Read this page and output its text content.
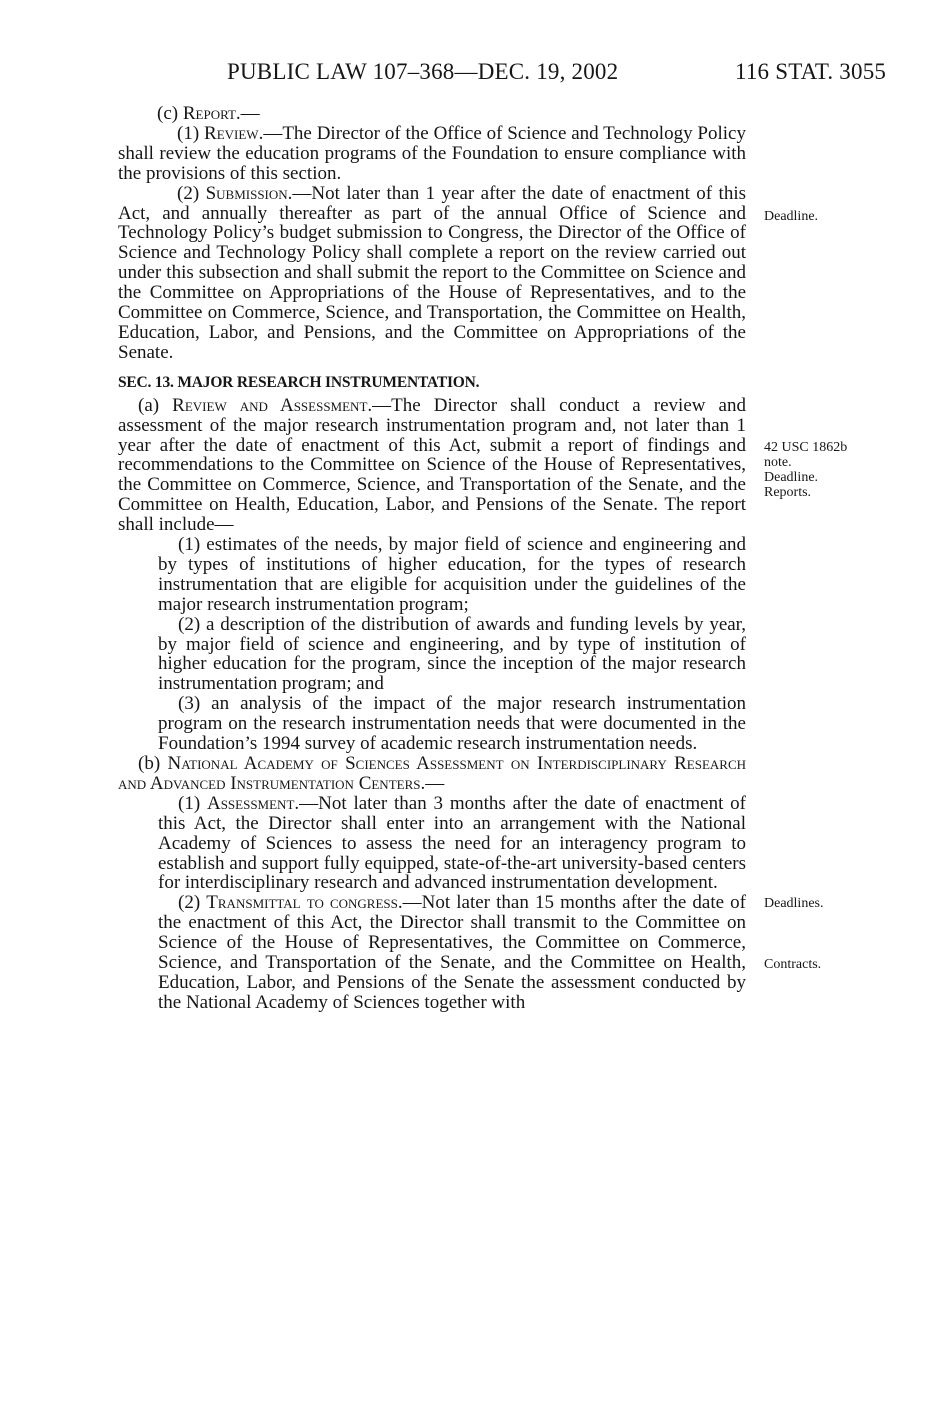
PUBLIC LAW 107–368—DEC. 19, 2002	116 STAT. 3055

(c) Report.—

(1) Review.—The Director of the Office of Science and Technology Policy shall review the education programs of the Foundation to ensure compliance with the provisions of this section.

(2) Submission.—Not later than 1 year after the date of enactment of this Act, and annually thereafter as part of the annual Office of Science and Technology Policy’s budget submission to Congress, the Director of the Office of Science and Technology Policy shall complete a report on the review carried out under this subsection and shall submit the report to the Committee on Science and the Committee on Appropriations of the House of Representatives, and to the Committee on Commerce, Science, and Transportation, the Committee on Health, Education, Labor, and Pensions, and the Committee on Appropriations of the Senate.

SEC. 13. MAJOR RESEARCH INSTRUMENTATION.

(a) Review and Assessment.—The Director shall conduct a review and assessment of the major research instrumentation program and, not later than 1 year after the date of enactment of this Act, submit a report of findings and recommendations to the Committee on Science of the House of Representatives, the Committee on Commerce, Science, and Transportation of the Senate, and the Committee on Health, Education, Labor, and Pensions of the Senate. The report shall include—

(1) estimates of the needs, by major field of science and engineering and by types of institutions of higher education, for the types of research instrumentation that are eligible for acquisition under the guidelines of the major research instrumentation program;

(2) a description of the distribution of awards and funding levels by year, by major field of science and engineering, and by type of institution of higher education for the program, since the inception of the major research instrumentation program; and

(3) an analysis of the impact of the major research instrumentation program on the research instrumentation needs that were documented in the Foundation’s 1994 survey of academic research instrumentation needs.

(b) National Academy of Sciences Assessment on Interdisciplinary Research and Advanced Instrumentation Centers.—

(1) Assessment.—Not later than 3 months after the date of enactment of this Act, the Director shall enter into an arrangement with the National Academy of Sciences to assess the need for an interagency program to establish and support fully equipped, state-of-the-art university-based centers for interdisciplinary research and advanced instrumentation development.

(2) Transmittal to congress.—Not later than 15 months after the date of the enactment of this Act, the Director shall transmit to the Committee on Science of the House of Representatives, the Committee on Commerce, Science, and Transportation of the Senate, and the Committee on Health, Education, Labor, and Pensions of the Senate the assessment conducted by the National Academy of Sciences together with

Deadline.
42 USC 1862b
note.
Deadline.
Reports.
Deadlines.
Contracts.
